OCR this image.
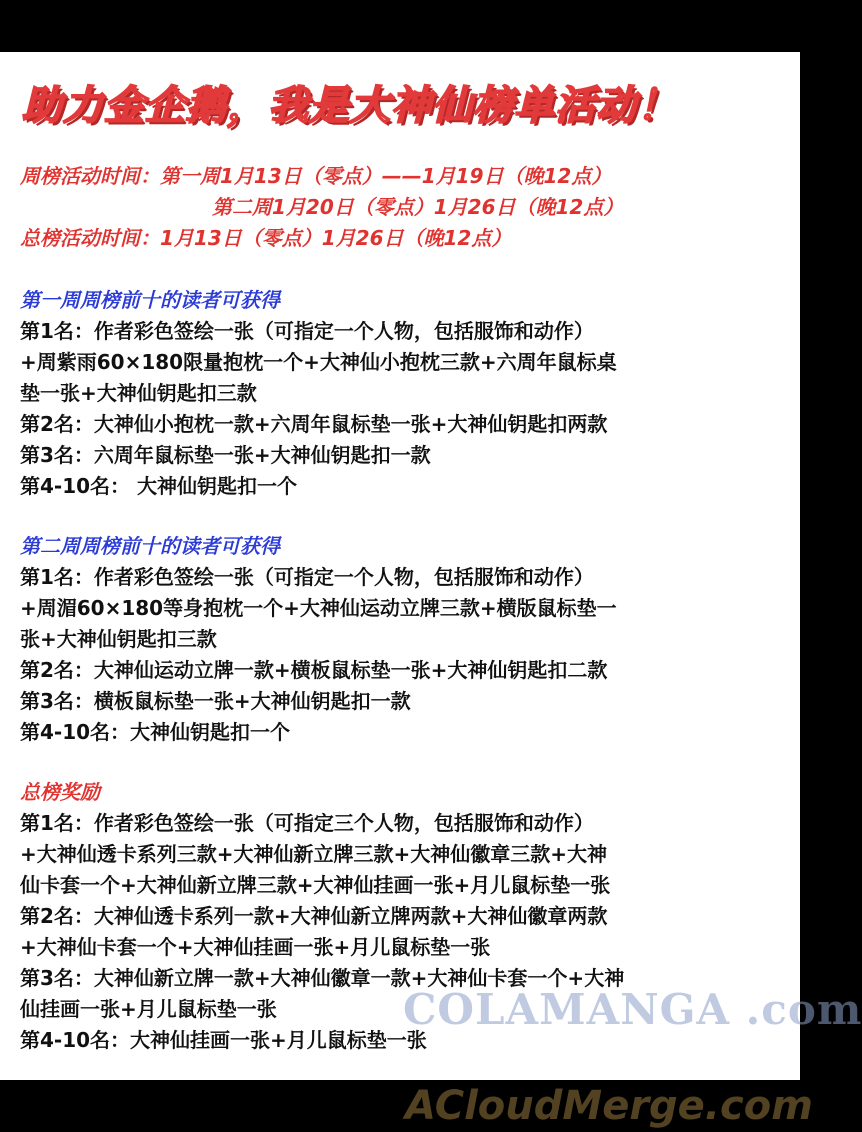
助力金企鹅，我是大神仙榜单活动！
周榜活动时间：第一周1月13日（零点）——1月19日（晚12点）
第二周1月20日（零点）1月26日（晚12点）
总榜活动时间：1月13日（零点）1月26日（晚12点）
第一周周榜前十的读者可获得
第1名：作者彩色签绘一张（可指定一个人物，包括服饰和动作）
+周紫雨60×180限量抱枕一个+大神仙小抱枕三款+六周年鼠标桌
垫一张+大神仙钥匙扣三款
第2名：大神仙小抱枕一款+六周年鼠标垫一张+大神仙钥匙扣两款
第3名：六周年鼠标垫一张+大神仙钥匙扣一款
第4-10名： 大神仙钥匙扣一个
第二周周榜前十的读者可获得
第1名：作者彩色签绘一张（可指定一个人物，包括服饰和动作）
+周湄60×180等身抱枕一个+大神仙运动立牌三款+横版鼠标垫一
张+大神仙钥匙扣三款
第2名：大神仙运动立牌一款+横板鼠标垫一张+大神仙钥匙扣二款
第3名：横板鼠标垫一张+大神仙钥匙扣一款
第4-10名：大神仙钥匙扣一个
总榜奖励
第1名：作者彩色签绘一张（可指定三个人物，包括服饰和动作）
+大神仙透卡系列三款+大神仙新立牌三款+大神仙徽章三款+大神
仙卡套一个+大神仙新立牌三款+大神仙挂画一张+月儿鼠标垫一张
第2名：大神仙透卡系列一款+大神仙新立牌两款+大神仙徽章两款
+大神仙卡套一个+大神仙挂画一张+月儿鼠标垫一张
第3名：大神仙新立牌一款+大神仙徽章一款+大神仙卡套一个+大神
仙挂画一张+月儿鼠标垫一张
第4-10名：大神仙挂画一张+月儿鼠标垫一张
COLAMANGA .com
ACloudMerge.com
